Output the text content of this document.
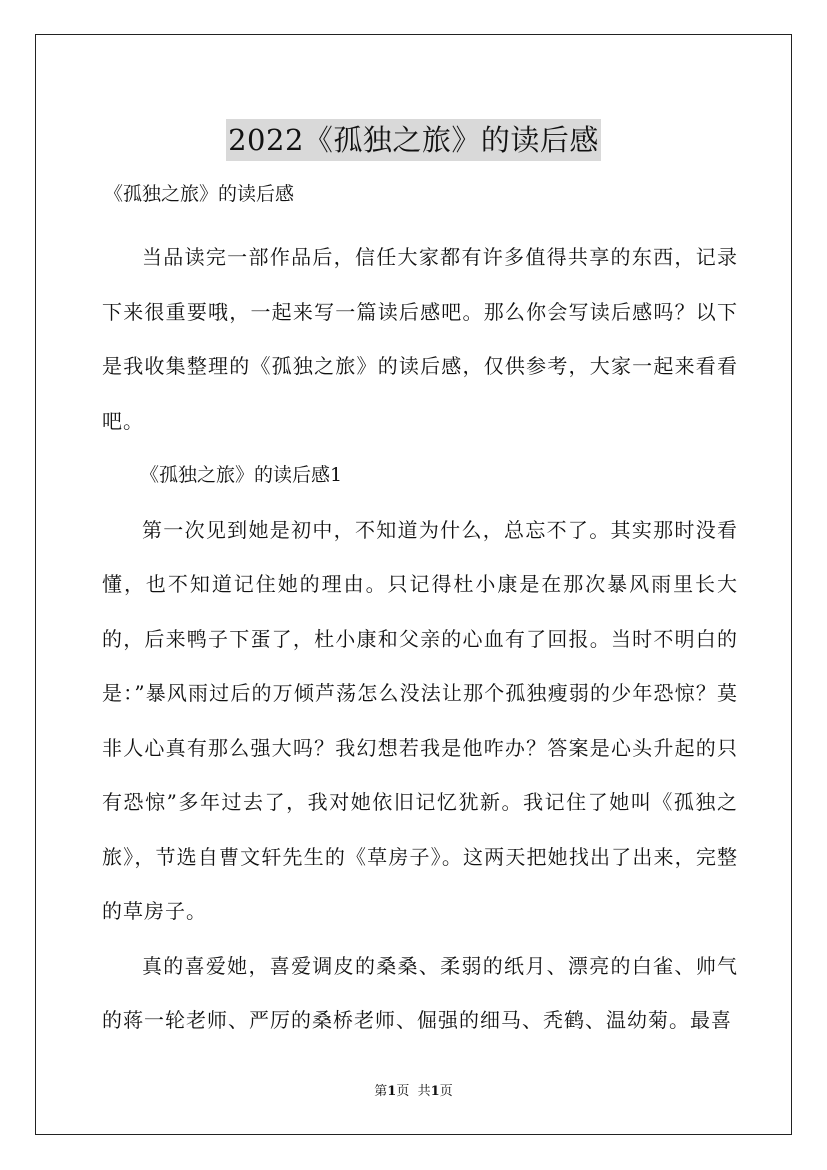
2022《孤独之旅》的读后感
《孤独之旅》的读后感

当品读完一部作品后，信任大家都有许多值得共享的东西，记录下来很重要哦，一起来写一篇读后感吧。那么你会写读后感吗？以下是我收集整理的《孤独之旅》的读后感，仅供参考，大家一起来看看吧。

《孤独之旅》的读后感1

第一次见到她是初中，不知道为什么，总忘不了。其实那时没看懂，也不知道记住她的理由。只记得杜小康是在那次暴风雨里长大的，后来鸭子下蛋了，杜小康和父亲的心血有了回报。当时不明白的是：”暴风雨过后的万倾芦荡怎么没法让那个孤独瘦弱的少年恐惊？莫非人心真有那么强大吗？我幻想若我是他咋办？答案是心头升起的只有恐惊”多年过去了，我对她依旧记忆犹新。我记住了她叫《孤独之旅》，节选自曹文轩先生的《草房子》。这两天把她找出了出来，完整的草房子。

真的喜爱她，喜爱调皮的桑桑、柔弱的纸月、漂亮的白雀、帅气的蒋一轮老师、严厉的桑桥老师、倔强的细马、秃鹤、温幼菊。最喜

第1页 共1页
